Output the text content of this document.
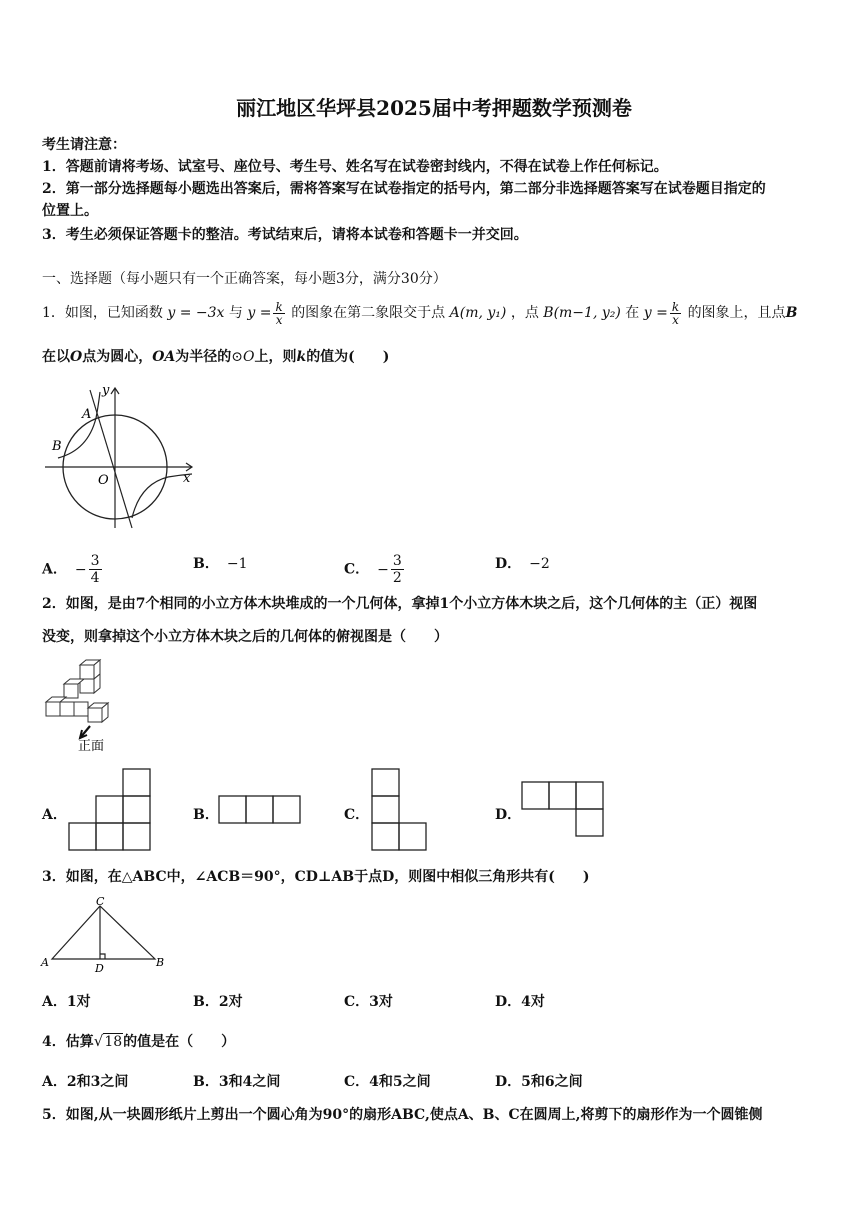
丽江地区华坪县2025届中考押题数学预测卷
考生请注意：
1．答题前请将考场、试室号、座位号、考生号、姓名写在试卷密封线内，不得在试卷上作任何标记。
2．第一部分选择题每小题选出答案后，需将答案写在试卷指定的括号内，第二部分非选择题答案写在试卷题目指定的
位置上。
3．考生必须保证答题卡的整洁。考试结束后，请将本试卷和答题卡一并交回。
一、选择题（每小题只有一个正确答案，每小题3分，满分30分）
1．如图，已知函数 y = −3x 与 $y = \frac{k}{x}$ 的图象在第二象限交于点 A(m, y₁) ，点 B(m−1, y₂) 在 $y = \frac{k}{x}$ 的图象上，且点B
在以O点为圆心，OA为半径的⊙O上，则k的值为(　　)
A
B
O	x
y
A． − $\frac{3}{4}$	B． −1	C． − $\frac{3}{2}$	D． −2
2．如图，是由7个相同的小立方体木块堆成的一个几何体，拿掉1个小立方体木块之后，这个几何体的主（正）视图
没变，则拿掉这个小立方体木块之后的几何体的俯视图是（　　）
正面
A．	B．	C．	D．
3．如图，在△ABC中，∠ACB＝90°，CD⊥AB于点D，则图中相似三角形共有(　　)
C
A	B
D
A．1对	B．2对	C．3对	D．4对
4．估算√18的值是在（　　）
A．2和3之间	B．3和4之间	C．4和5之间	D．5和6之间
5．如图,从一块圆形纸片上剪出一个圆心角为90°的扇形ABC,使点A、B、C在圆周上,将剪下的扇形作为一个圆锥侧
